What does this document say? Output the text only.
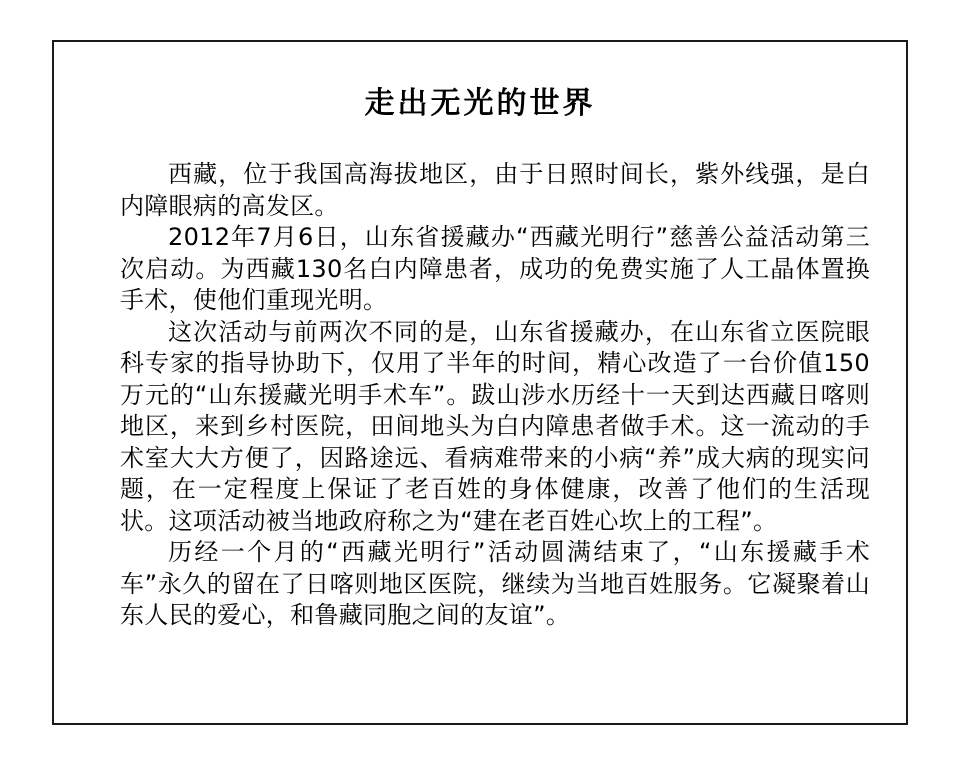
走出无光的世界

西藏，位于我国高海拔地区，由于日照时间长，紫外线强，是白内障眼病的高发区。

2012年7月6日，山东省援藏办“西藏光明行”慈善公益活动第三次启动。为西藏130名白内障患者，成功的免费实施了人工晶体置换手术，使他们重现光明。

这次活动与前两次不同的是，山东省援藏办，在山东省立医院眼科专家的指导协助下，仅用了半年的时间，精心改造了一台价值150万元的“山东援藏光明手术车”。跋山涉水历经十一天到达西藏日喀则地区，来到乡村医院，田间地头为白内障患者做手术。这一流动的手术室大大方便了，因路途远、看病难带来的小病“养”成大病的现实问题，在一定程度上保证了老百姓的身体健康，改善了他们的生活现状。这项活动被当地政府称之为“建在老百姓心坎上的工程”。

历经一个月的“西藏光明行”活动圆满结束了，“山东援藏手术车”永久的留在了日喀则地区医院，继续为当地百姓服务。它凝聚着山东人民的爱心，和鲁藏同胞之间的友谊”。
